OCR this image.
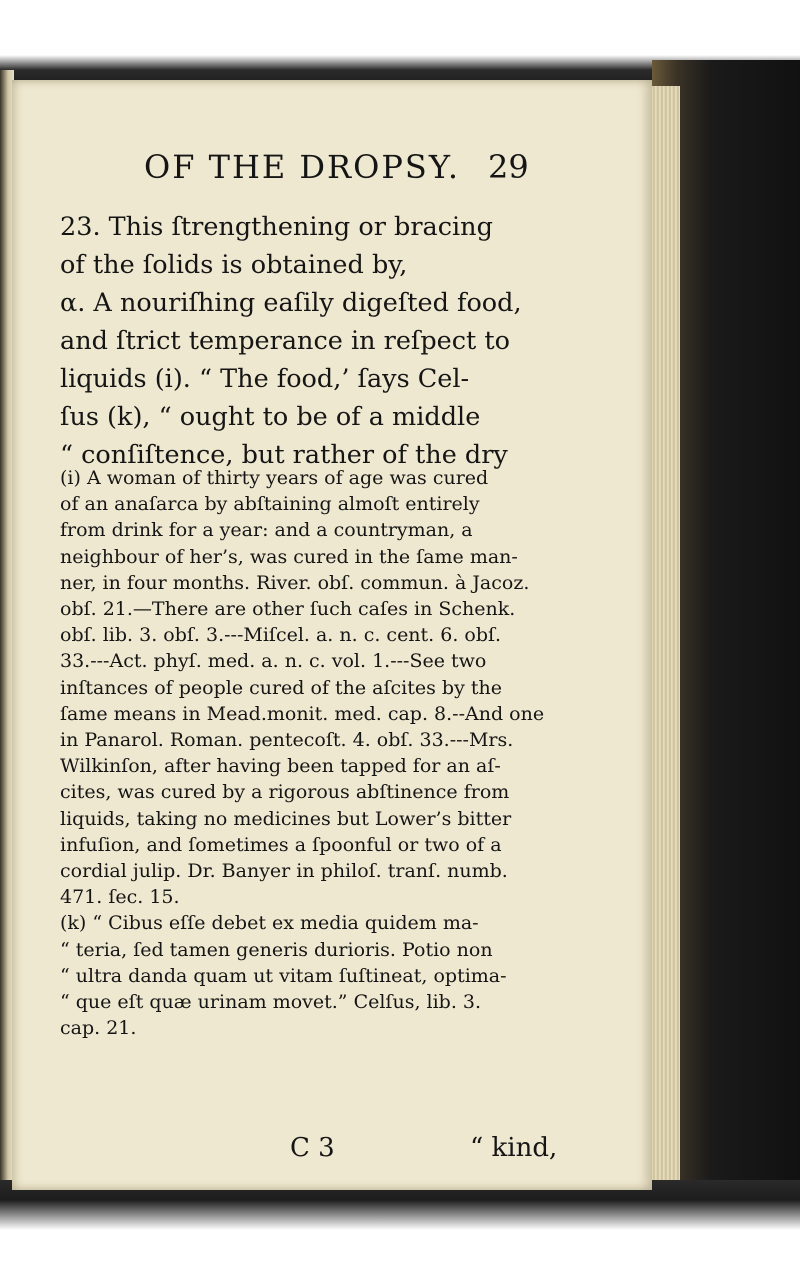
OF THE DROPSY. 29
23. This ſtrengthening or bracing
of the ſolids is obtained by,
α. A nouriſhing eaſily digeſted food,
and ſtrict temperance in reſpect to
liquids (i). “ The food,’ ſays Cel-
ſus (k), “ ought to be of a middle
“ conſiſtence, but rather of the dry
(i) A woman of thirty years of age was cured
of an anaſarca by abſtaining almoſt entirely
from drink for a year: and a countryman, a
neighbour of her’s, was cured in the ſame man-
ner, in four months. River. obſ. commun. à Jacoz.
obſ. 21.—There are other ſuch caſes in Schenk.
obſ. lib. 3. obſ. 3.---Miſcel. a. n. c. cent. 6. obſ.
33.---Act. phyſ. med. a. n. c. vol. 1.---See two
inſtances of people cured of the aſcites by the
ſame means in Mead.monit. med. cap. 8.--And one
in Panarol. Roman. pentecoſt. 4. obſ. 33.---Mrs.
Wilkinſon, after having been tapped for an aſ-
cites, was cured by a rigorous abſtinence from
liquids, taking no medicines but Lower’s bitter
infuſion, and ſometimes a ſpoonful or two of a
cordial julip. Dr. Banyer in philoſ. tranſ. numb.
471. ſec. 15.
(k) “ Cibus eſſe debet ex media quidem ma-
“ teria, ſed tamen generis durioris. Potio non
“ ultra danda quam ut vitam ſuſtineat, optima-
“ que eſt quæ urinam movet.” Celſus, lib. 3.
cap. 21.
C 3	“ kind,
